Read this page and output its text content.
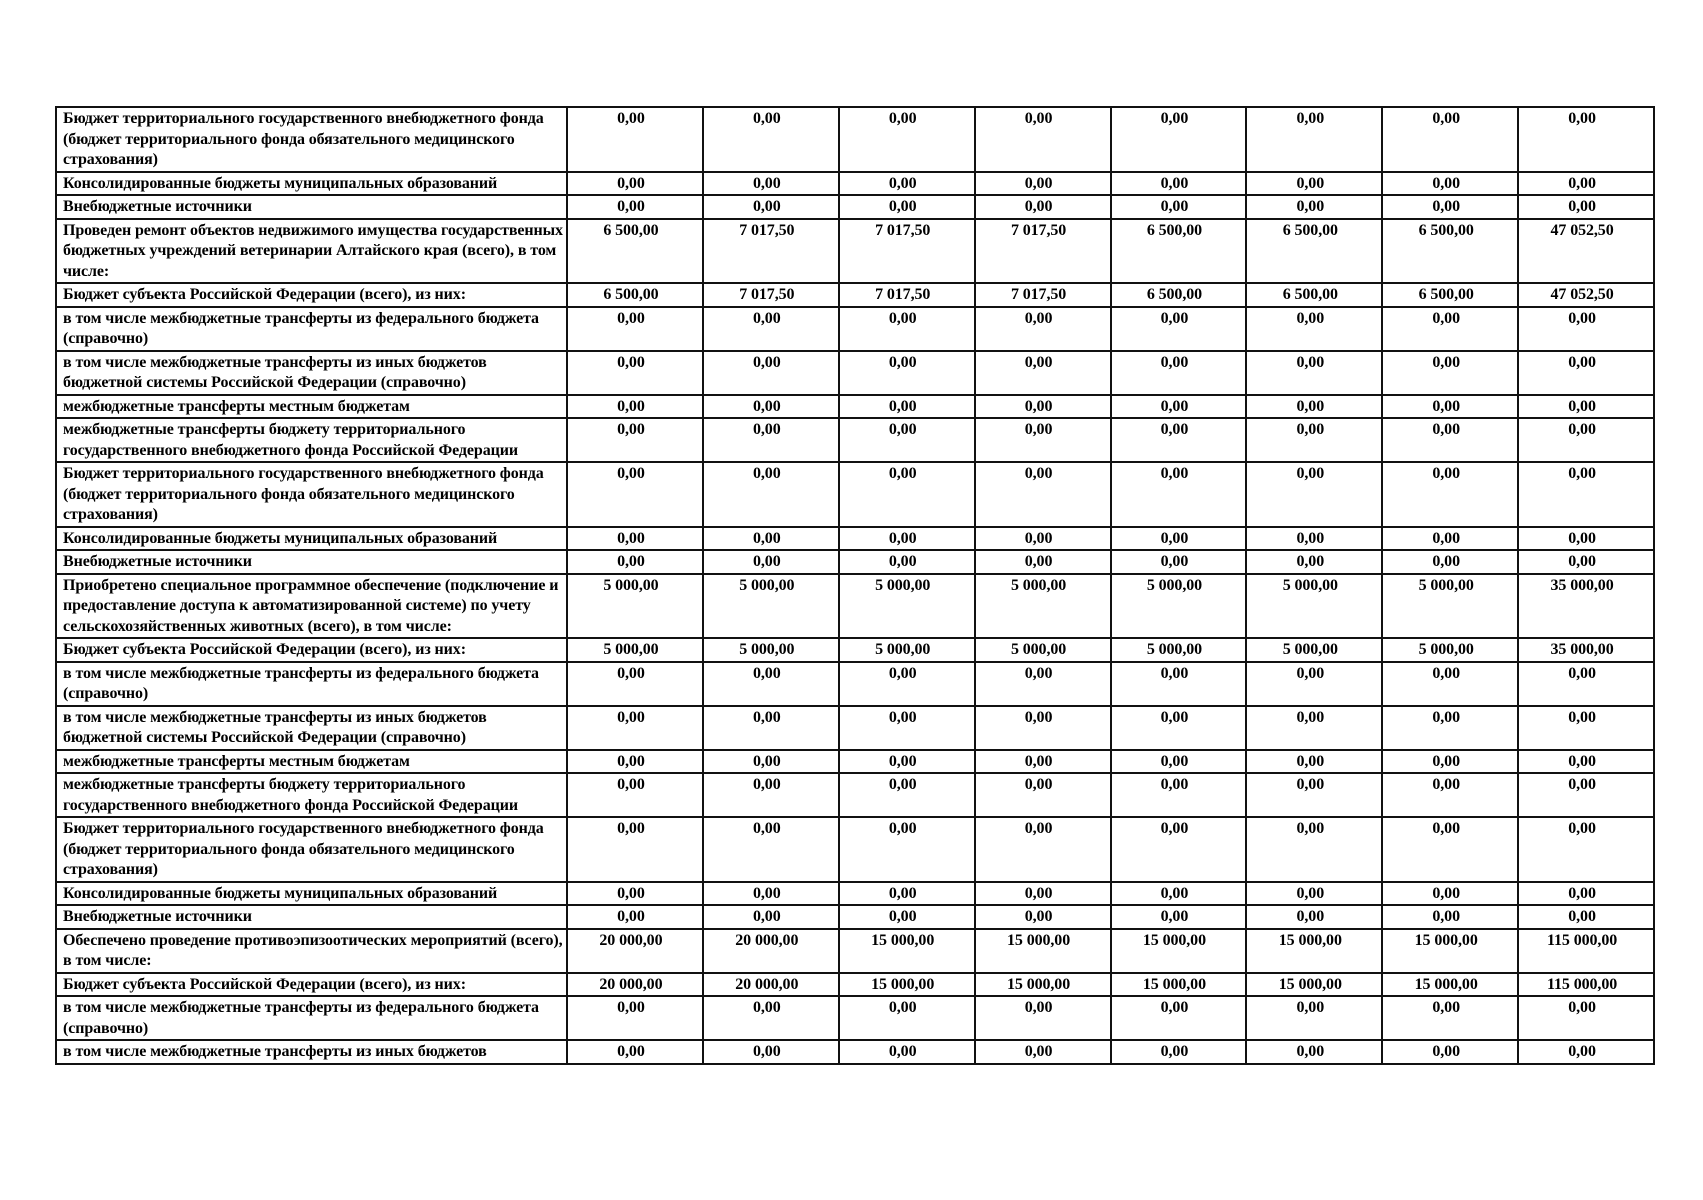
Бюджет территориального государственного внебюджетного фонда (бюджет территориального фонда обязательного медицинского страхования)	0,00	0,00	0,00	0,00	0,00	0,00	0,00	0,00
Консолидированные бюджеты муниципальных образований	0,00	0,00	0,00	0,00	0,00	0,00	0,00	0,00
Внебюджетные источники	0,00	0,00	0,00	0,00	0,00	0,00	0,00	0,00
Проведен ремонт объектов недвижимого имущества государственных бюджетных учреждений ветеринарии Алтайского края (всего), в том числе:	6 500,00	7 017,50	7 017,50	7 017,50	6 500,00	6 500,00	6 500,00	47 052,50
Бюджет субъекта Российской Федерации (всего), из них:	6 500,00	7 017,50	7 017,50	7 017,50	6 500,00	6 500,00	6 500,00	47 052,50
в том числе межбюджетные трансферты из федерального бюджета (справочно)	0,00	0,00	0,00	0,00	0,00	0,00	0,00	0,00
в том числе межбюджетные трансферты из иных бюджетов бюджетной системы Российской Федерации (справочно)	0,00	0,00	0,00	0,00	0,00	0,00	0,00	0,00
межбюджетные трансферты местным бюджетам	0,00	0,00	0,00	0,00	0,00	0,00	0,00	0,00
межбюджетные трансферты бюджету территориального государственного внебюджетного фонда Российской Федерации	0,00	0,00	0,00	0,00	0,00	0,00	0,00	0,00
Бюджет территориального государственного внебюджетного фонда (бюджет территориального фонда обязательного медицинского страхования)	0,00	0,00	0,00	0,00	0,00	0,00	0,00	0,00
Консолидированные бюджеты муниципальных образований	0,00	0,00	0,00	0,00	0,00	0,00	0,00	0,00
Внебюджетные источники	0,00	0,00	0,00	0,00	0,00	0,00	0,00	0,00
Приобретено специальное программное обеспечение (подключение и предоставление доступа к автоматизированной системе) по учету сельскохозяйственных животных (всего), в том числе:	5 000,00	5 000,00	5 000,00	5 000,00	5 000,00	5 000,00	5 000,00	35 000,00
Бюджет субъекта Российской Федерации (всего), из них:	5 000,00	5 000,00	5 000,00	5 000,00	5 000,00	5 000,00	5 000,00	35 000,00
в том числе межбюджетные трансферты из федерального бюджета (справочно)	0,00	0,00	0,00	0,00	0,00	0,00	0,00	0,00
в том числе межбюджетные трансферты из иных бюджетов бюджетной системы Российской Федерации (справочно)	0,00	0,00	0,00	0,00	0,00	0,00	0,00	0,00
межбюджетные трансферты местным бюджетам	0,00	0,00	0,00	0,00	0,00	0,00	0,00	0,00
межбюджетные трансферты бюджету территориального государственного внебюджетного фонда Российской Федерации	0,00	0,00	0,00	0,00	0,00	0,00	0,00	0,00
Бюджет территориального государственного внебюджетного фонда (бюджет территориального фонда обязательного медицинского страхования)	0,00	0,00	0,00	0,00	0,00	0,00	0,00	0,00
Консолидированные бюджеты муниципальных образований	0,00	0,00	0,00	0,00	0,00	0,00	0,00	0,00
Внебюджетные источники	0,00	0,00	0,00	0,00	0,00	0,00	0,00	0,00
Обеспечено проведение противоэпизоотических мероприятий (всего), в том числе:	20 000,00	20 000,00	15 000,00	15 000,00	15 000,00	15 000,00	15 000,00	115 000,00
Бюджет субъекта Российской Федерации (всего), из них:	20 000,00	20 000,00	15 000,00	15 000,00	15 000,00	15 000,00	15 000,00	115 000,00
в том числе межбюджетные трансферты из федерального бюджета (справочно)	0,00	0,00	0,00	0,00	0,00	0,00	0,00	0,00
в том числе межбюджетные трансферты из иных бюджетов	0,00	0,00	0,00	0,00	0,00	0,00	0,00	0,00
